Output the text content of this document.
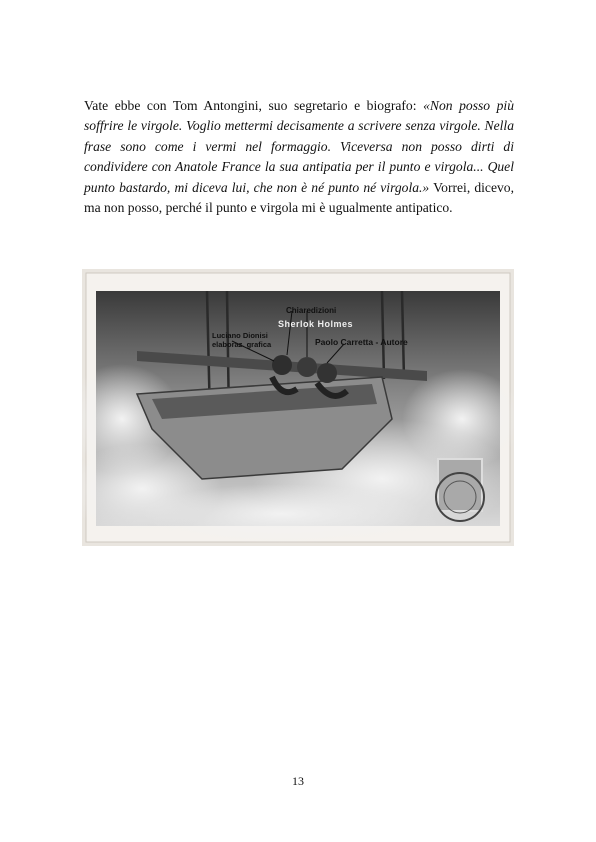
Vate ebbe con Tom Antongini, suo segretario e biografo: «Non posso più soffrire le virgole. Voglio mettermi decisamente a scrivere senza virgole. Nella frase sono come i vermi nel formaggio. Viceversa non posso dirti di condividere con Anatole France la sua antipatia per il punto e virgola... Quel punto bastardo, mi diceva lui, che non è né punto né virgola.» Vorrei, dicevo, ma non posso, perché il punto e virgola mi è ugualmente antipatico.
Chiaredizioni
Sherlok Holmes
Luciano Dionisi
elaboraz. grafica	Paolo Carretta - Autore
13
